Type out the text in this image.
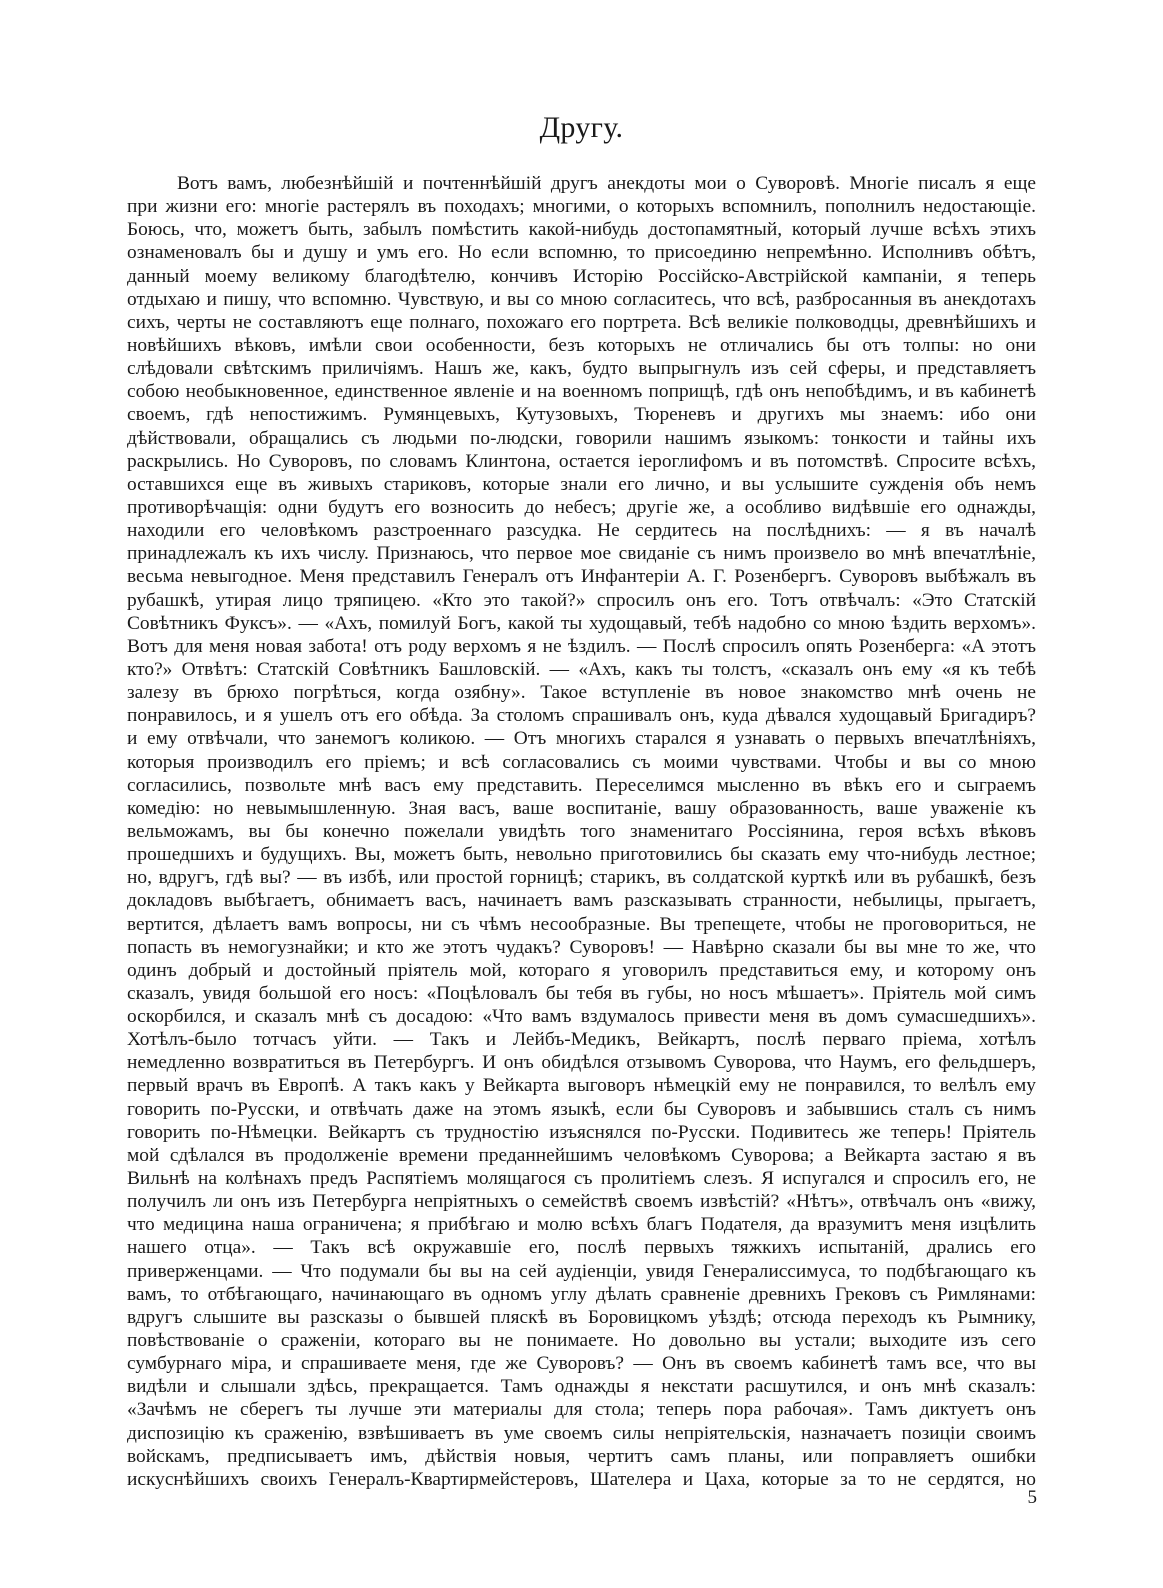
Другу.
Вотъ вамъ, любезнѣйшій и почтеннѣйшій другъ анекдоты мои о Суворовѣ. Многіе писалъ я еще
при жизни его: многіе растерялъ въ походахъ; многими, о которыхъ вспомнилъ, пополнилъ недостающіе.
Боюсь, что, можетъ быть, забылъ помѣстить какой-нибудь достопамятный, который лучше всѣхъ этихъ
ознаменовалъ бы и душу и умъ его. Но если вспомню, то присоединю непремѣнно. Исполнивъ обѣтъ,
данный моему великому благодѣтелю, кончивъ Исторію Россійско-Австрійской кампаніи, я теперь
отдыхаю и пишу, что вспомню. Чувствую, и вы со мною согласитесь, что всѣ, разбросанныя въ анекдотахъ
сихъ, черты не составляютъ еще полнаго, похожаго его портрета. Всѣ великіе полководцы, древнѣйшихъ и
новѣйшихъ вѣковъ, имѣли свои особенности, безъ которыхъ не отличались бы отъ толпы: но они
слѣдовали свѣтскимъ приличіямъ. Нашъ же, какъ, будто выпрыгнулъ изъ сей сферы, и представляетъ
собою необыкновенное, единственное явленіе и на военномъ поприщѣ, гдѣ онъ непобѣдимъ, и въ кабинетѣ
своемъ, гдѣ непостижимъ. Румянцевыхъ, Кутузовыхъ, Тюреневъ и другихъ мы знаемъ: ибо они
дѣйствовали, обращались съ людьми по-людски, говорили нашимъ языкомъ: тонкости и тайны ихъ
раскрылись. Но Суворовъ, по словамъ Клинтона, остается іероглифомъ и въ потомствѣ. Спросите всѣхъ,
оставшихся еще въ живыхъ стариковъ, которые знали его лично, и вы услышите сужденія объ немъ
противорѣчащія: одни будутъ его возносить до небесъ; другіе же, а особливо видѣвшіе его однажды,
находили его человѣкомъ разстроеннаго разсудка. Не сердитесь на послѣднихъ: — я въ началѣ
принадлежалъ къ ихъ числу. Признаюсь, что первое мое свиданіе съ нимъ произвело во мнѣ впечатлѣніе,
весьма невыгодное. Меня представилъ Генералъ отъ Инфантеріи А. Г. Розенбергъ. Суворовъ выбѣжалъ въ
рубашкѣ, утирая лицо тряпицею. «Кто это такой?» спросилъ онъ его. Тотъ отвѣчалъ: «Это Статскій
Совѣтникъ Фуксъ». — «Ахъ, помилуй Богъ, какой ты худощавый, тебѣ надобно со мною ѣздить верхомъ».
Вотъ для меня новая забота! отъ роду верхомъ я не ѣздилъ. — Послѣ спросилъ опять Розенберга: «А этотъ
кто?» Отвѣтъ: Статскій Совѣтникъ Башловскій. — «Ахъ, какъ ты толстъ, «сказалъ онъ ему «я къ тебѣ
залезу въ брюхо погрѣться, когда озябну». Такое вступленіе въ новое знакомство мнѣ очень не
понравилось, и я ушелъ отъ его обѣда. За столомъ спрашивалъ онъ, куда дѣвался худощавый Бригадиръ?
и ему отвѣчали, что занемогъ коликою. — Отъ многихъ старался я узнавать о первыхъ впечатлѣніяхъ,
которыя производилъ его пріемъ; и всѣ согласовались съ моими чувствами. Чтобы и вы со мною
согласились, позвольте мнѣ васъ ему представить. Переселимся мысленно въ вѣкъ его и сыграемъ
комедію: но невымышленную. Зная васъ, ваше воспитаніе, вашу образованность, ваше уваженіе къ
вельможамъ, вы бы конечно пожелали увидѣть того знаменитаго Россіянина, героя всѣхъ вѣковъ
прошедшихъ и будущихъ. Вы, можетъ быть, невольно приготовились бы сказать ему что-нибудь лестное;
но, вдругъ, гдѣ вы? — въ избѣ, или простой горницѣ; старикъ, въ солдатской курткѣ или въ рубашкѣ, безъ
докладовъ выбѣгаетъ, обнимаетъ васъ, начинаетъ вамъ разсказывать странности, небылицы, прыгаетъ,
вертится, дѣлаетъ вамъ вопросы, ни съ чѣмъ несообразные. Вы трепещете, чтобы не проговориться, не
попасть въ немогузнайки; и кто же этотъ чудакъ? Суворовъ! — Навѣрно сказали бы вы мне то же, что
одинъ добрый и достойный пріятель мой, котораго я уговорилъ представиться ему, и которому онъ
сказалъ, увидя большой его носъ: «Поцѣловалъ бы тебя въ губы, но носъ мѣшаетъ». Пріятель мой симъ
оскорбился, и сказалъ мнѣ съ досадою: «Что вамъ вздумалось привести меня въ домъ сумасшедшихъ».
Хотѣлъ-было тотчасъ уйти. — Такъ и Лейбъ-Медикъ, Вейкартъ, послѣ перваго пріема, хотѣлъ
немедленно возвратиться въ Петербургъ. И онъ обидѣлся отзывомъ Суворова, что Наумъ, его фельдшеръ,
первый врачъ въ Европѣ. А такъ какъ у Вейкарта выговоръ нѣмецкій ему не понравился, то велѣлъ ему
говорить по-Русски, и отвѣчать даже на этомъ языкѣ, если бы Суворовъ и забывшись сталъ съ нимъ
говорить по-Нѣмецки. Вейкартъ съ трудностію изъяснялся по-Русски. Подивитесь же теперь! Пріятель
мой сдѣлался въ продолженіе времени преданнейшимъ человѣкомъ Суворова; а Вейкарта застаю я въ
Вильнѣ на колѣнахъ предъ Распятіемъ молящагося съ пролитіемъ слезъ. Я испугался и спросилъ его, не
получилъ ли онъ изъ Петербурга непріятныхъ о семействѣ своемъ извѣстій? «Нѣтъ», отвѣчалъ онъ «вижу,
что медицина наша ограничена; я прибѣгаю и молю всѣхъ благъ Подателя, да вразумитъ меня изцѣлить
нашего отца». — Такъ всѣ окружавшіе его, послѣ первыхъ тяжкихъ испытаній, дрались его
приверженцами. — Что подумали бы вы на сей аудіенціи, увидя Генералиссимуса, то подбѣгающаго къ
вамъ, то отбѣгающаго, начинающаго въ одномъ углу дѣлать сравненіе древнихъ Грековъ съ Римлянами:
вдругъ слышите вы разсказы о бывшей пляскѣ въ Боровицкомъ уѣздѣ; отсюда переходъ къ Рымнику,
повѣствованіе о сраженіи, котораго вы не понимаете. Но довольно вы устали; выходите изъ сего
сумбурнаго міра, и спрашиваете меня, где же Суворовъ? — Онъ въ своемъ кабинетѣ тамъ все, что вы
видѣли и слышали здѣсь, прекращается. Тамъ однажды я некстати расшутился, и онъ мнѣ сказалъ:
«Зачѣмъ не сберегъ ты лучше эти материалы для стола; теперь пора рабочая». Тамъ диктуетъ онъ
диспозицію къ сраженію, взвѣшиваетъ въ уме своемъ силы непріятельскія, назначаетъ позиціи своимъ
войскамъ, предписываетъ имъ, дѣйствія новыя, чертитъ самъ планы, или поправляетъ ошибки
искуснѣйшихъ своихъ Генералъ-Квартирмейстеровъ, Шателера и Цаха, которые за то не сердятся, но
5
